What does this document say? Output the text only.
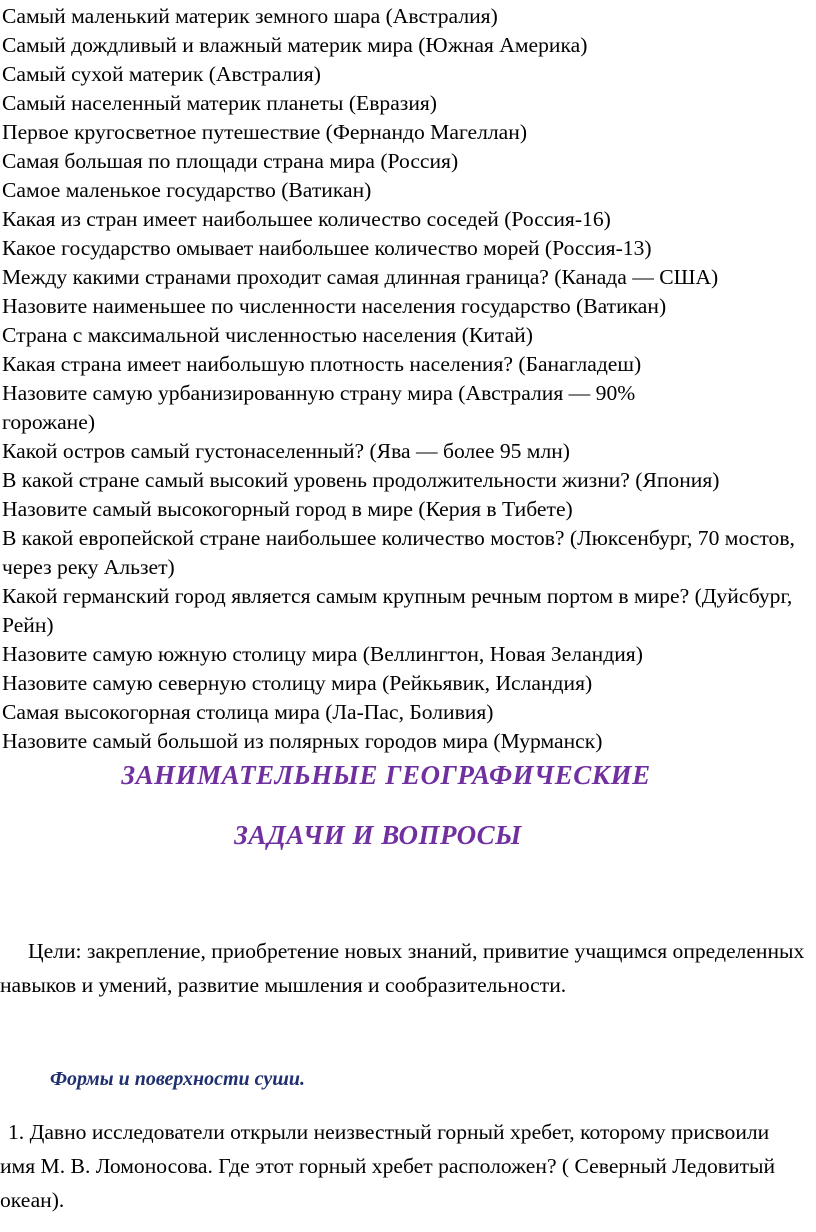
Самый маленький материк земного шара (Австралия)
Самый дождливый и влажный материк мира (Южная Америка)
Самый сухой материк (Австралия)
Самый населенный материк планеты (Евразия)
Первое кругосветное путешествие (Фернандо Магеллан)
Самая большая по площади страна мира (Россия)
Самое маленькое государство (Ватикан)
Какая из стран имеет наибольшее количество соседей (Россия-16)
Какое государство омывает наибольшее количество морей (Россия-13)
Между какими странами проходит самая длинная граница? (Канада — США)
Назовите наименьшее по численности населения государство (Ватикан)
Страна с максимальной численностью населения (Китай)
Какая страна имеет наибольшую плотность населения? (Банагладеш)
Назовите самую урбанизированную страну мира (Австралия — 90% горожане)
Какой остров самый густонаселенный? (Ява — более 95 млн)
В какой стране самый высокий уровень продолжительности жизни? (Япония)
Назовите самый высокогорный город в мире (Керия в Тибете)
В какой европейской стране наибольшее количество мостов? (Люксенбург, 70 мостов, через реку Альзет)
Какой германский город является самым крупным речным портом в мире? (Дуйсбург, Рейн)
Назовите самую южную столицу мира (Веллингтон, Новая Зеландия)
Назовите самую северную столицу мира (Рейкьявик, Исландия)
Самая высокогорная столица мира (Ла-Пас, Боливия)
Назовите самый большой из полярных городов мира (Мурманск)
ЗАНИМАТЕЛЬНЫЕ ГЕОГРАФИЧЕСКИЕ
ЗАДАЧИ И ВОПРОСЫ
Цели: закрепление, приобретение новых знаний, привитие учащимся определенных навыков и умений, развитие мышления и сообразительности.
Формы и поверхности суши.
1. Давно исследователи открыли неизвестный горный хребет, которому присвоили имя М. В. Ломоносова. Где этот горный хребет расположен? ( Северный Ледовитый океан).
